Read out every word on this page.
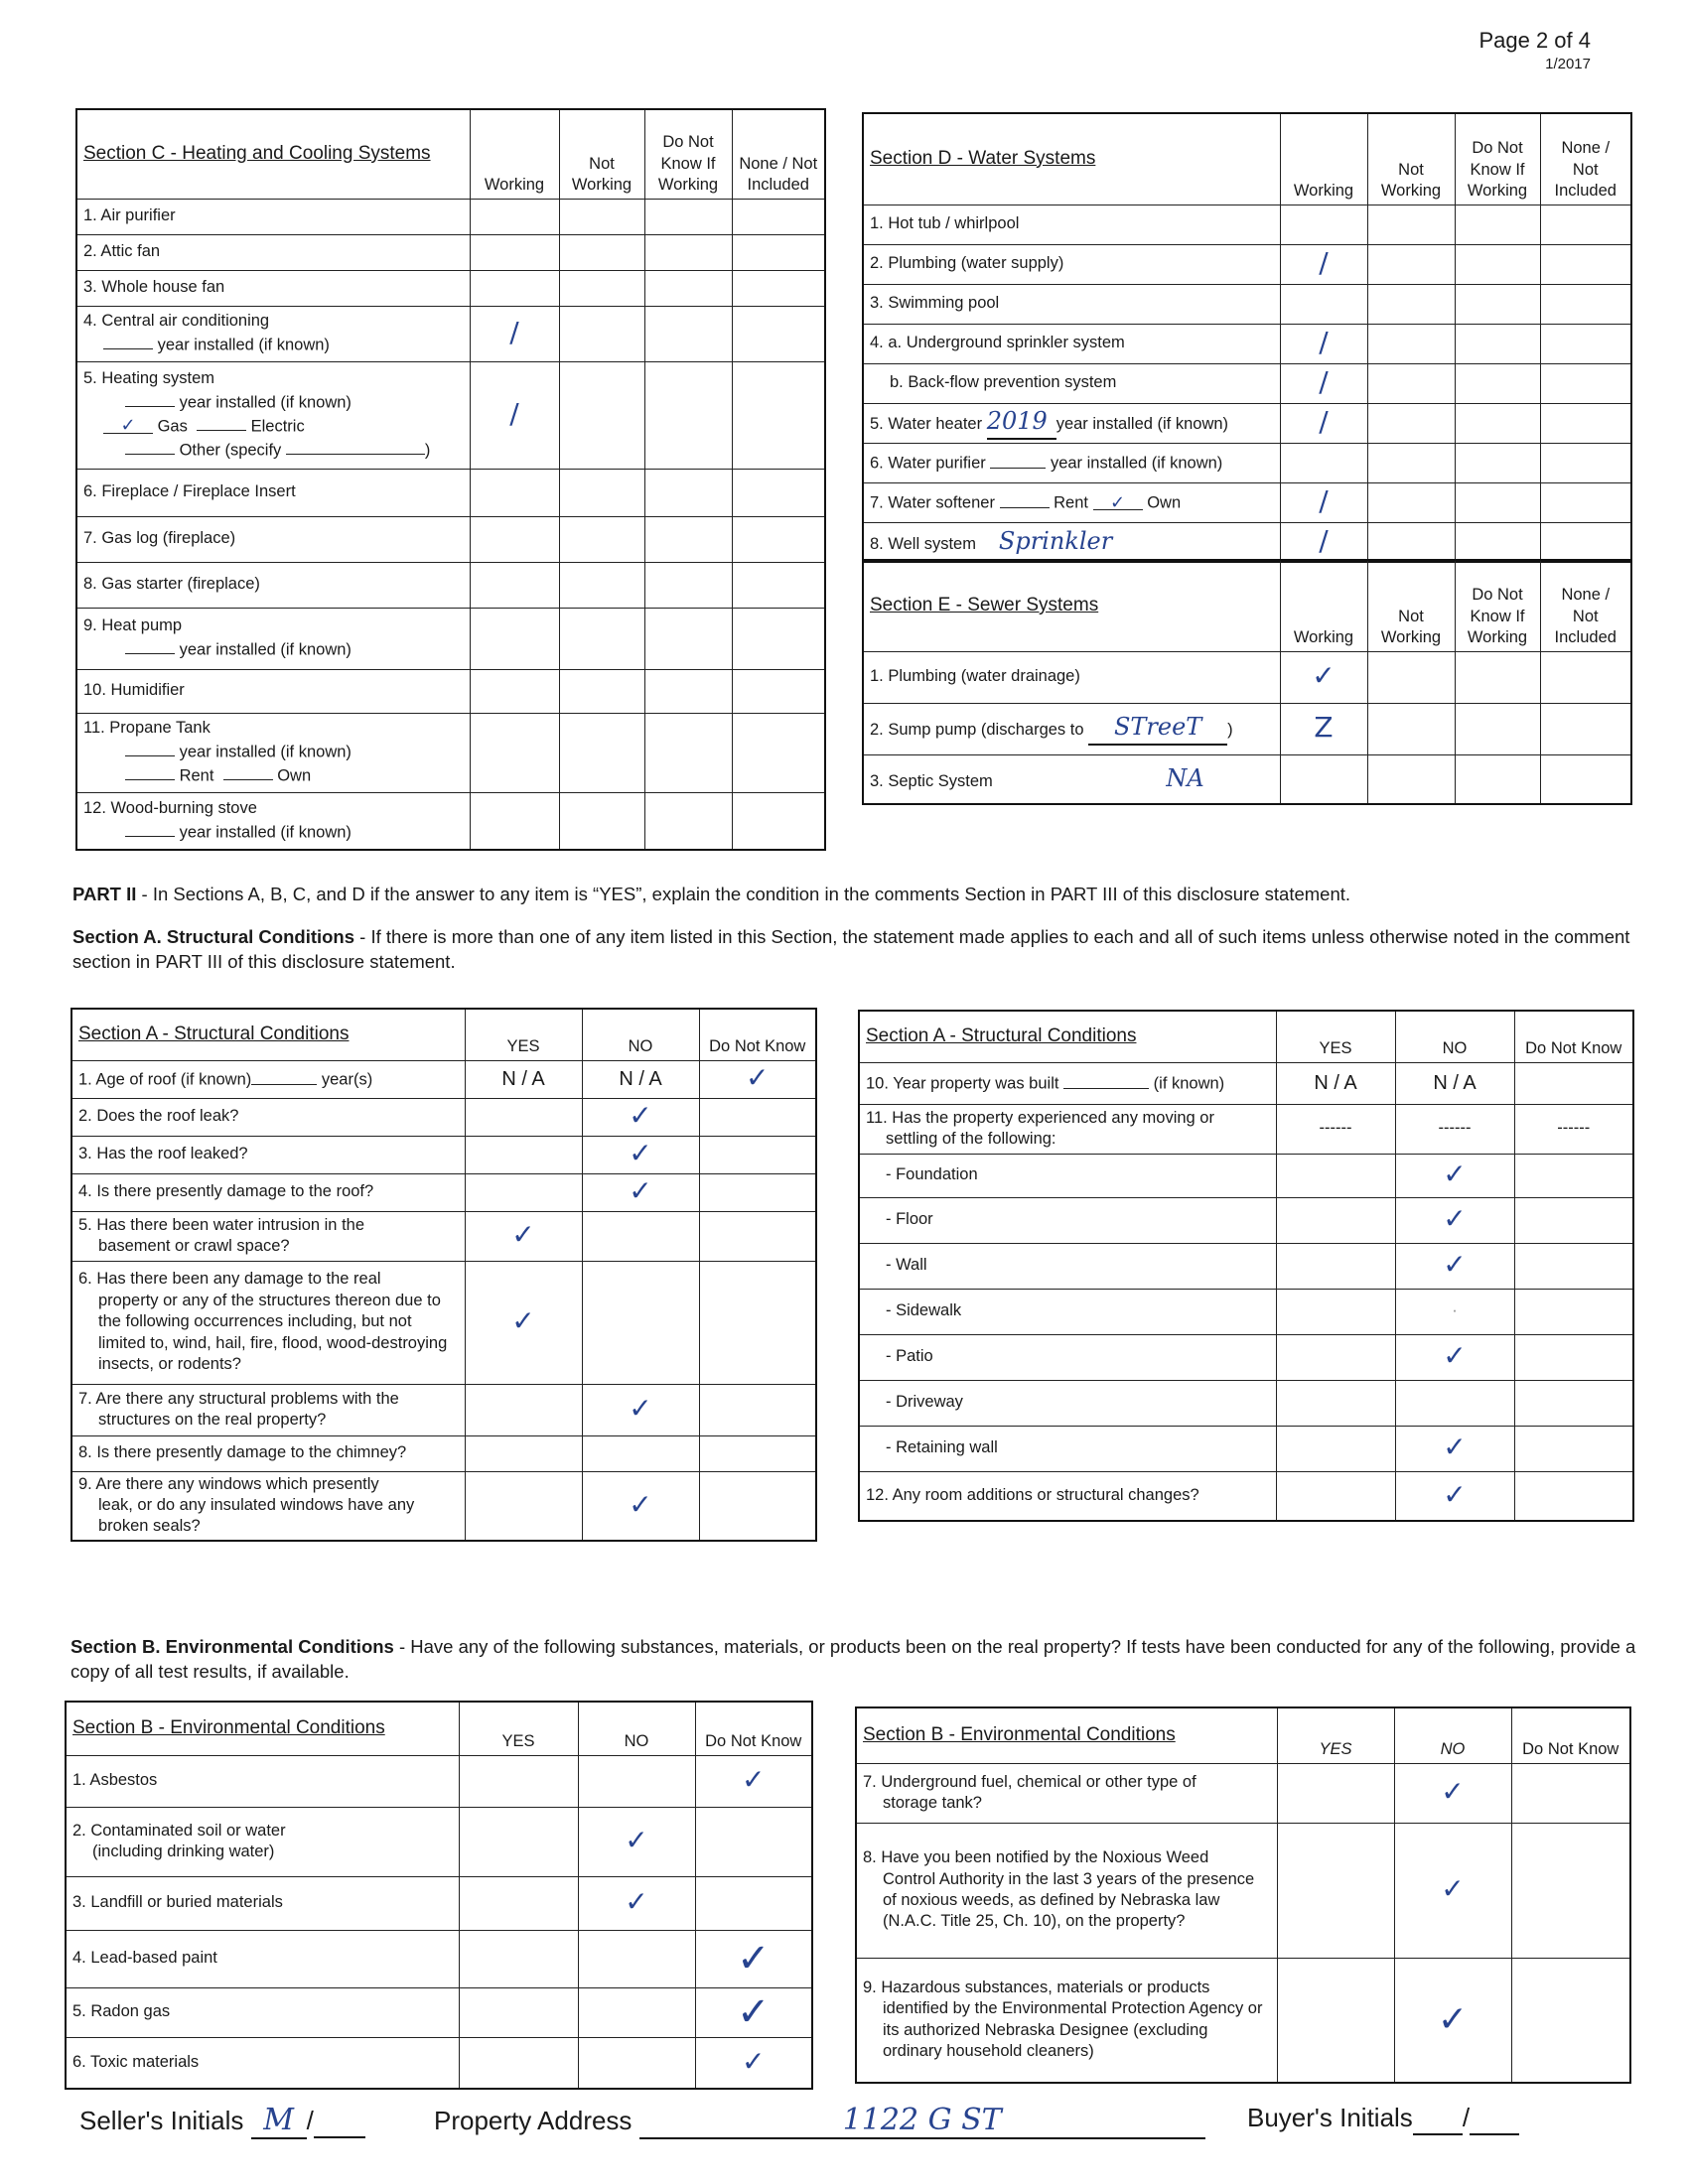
Page 2 of 4
1/2017
Section C - Heating and Cooling Systems	Working	Not Working	Do Not Know If Working	None / Not Included
1. Air purifier				
2. Attic fan				
3. Whole house fan				
4. Central air conditioning
year installed (if known)	/			
5. Heating system
year installed (if known)
✓ Gas Electric
Other (specify )	/			
6. Fireplace / Fireplace Insert				
7. Gas log (fireplace)				
8. Gas starter (fireplace)				
9. Heat pump
year installed (if known)				

10. Humidifier				
11. Propane Tank
year installed (if known)
Rent Own				

12. Wood-burning stove
year installed (if known)				

Section D - Water Systems	Working	Not Working	Do Not Know If Working	None / Not Included
1. Hot tub / whirlpool				
2. Plumbing (water supply)	/			
3. Swimming pool				
4. a. Underground sprinkler system	/			

b. Back-flow prevention system	/			
5. Water heater 2019 year installed (if known)	/			
6. Water purifier year installed (if known)				
7. Water softener Rent ✓ Own	/			
8. Well system Sprinkler	/			
Section E - Sewer Systems	Working	Not Working	Do Not Know If Working	None / Not Included
1. Plumbing (water drainage)	✓			
2. Sump pump (discharges to STreeT )	Z			
3. Septic System NA				
PART II - In Sections A, B, C, and D if the answer to any item is “YES”, explain the condition in the comments Section in PART III of this disclosure statement.
Section A. Structural Conditions - If there is more than one of any item listed in this Section, the statement made applies to each and all of such items unless otherwise noted in the comment section in PART III of this disclosure statement.
Section A - Structural Conditions	YES	NO	Do Not Know
1. Age of roof (if known) year(s)	N / A	N / A	✓
2. Does the roof leak?		✓	
3. Has the roof leaked?		✓	
4. Is there presently damage to the roof?		✓	
5. Has there been water intrusion in the
basement or crawl space?	✓		
6. Has there been any damage to the real
property or any of the structures thereon due to the following occurrences including, but not limited to, wind, hail, fire, flood, wood-destroying insects, or rodents?	✓		
7. Are there any structural problems with the
structures on the real property?		✓	
8. Is there presently damage to the chimney?			
9. Are there any windows which presently
leak, or do any insulated windows have any broken seals?		✓	
Section A - Structural Conditions	YES	NO	Do Not Know
10. Year property was built (if known)	N / A	N / A	
11. Has the property experienced any moving or
settling of the following:	------	------	------

- Foundation		✓	

- Floor		✓	

- Wall		✓	

- Sidewalk		·	

- Patio		✓	

- Driveway			

- Retaining wall		✓	
12. Any room additions or structural changes?		✓	
Section B. Environmental Conditions - Have any of the following substances, materials, or products been on the real property? If tests have been conducted for any of the following, provide a copy of all test results, if available.
Section B - Environmental Conditions	YES	NO	Do Not Know
1. Asbestos			✓
2. Contaminated soil or water
(including drinking water)		✓	
3. Landfill or buried materials		✓	
4. Lead-based paint			✓
5. Radon gas			✓
6. Toxic materials			✓
Section B - Environmental Conditions	YES	NO	Do Not Know
7. Underground fuel, chemical or other type of
storage tank?		✓	
8. Have you been notified by the Noxious Weed
Control Authority in the last 3 years of the presence of noxious weeds, as defined by Nebraska law (N.A.C. Title 25, Ch. 10), on the property?		✓	
9. Hazardous substances, materials or products
identified by the Environmental Protection Agency or its authorized Nebraska Designee (excluding ordinary household cleaners)		✓	
Seller's Initials M /	Property Address	1122 G ST	Buyer's Initials /
